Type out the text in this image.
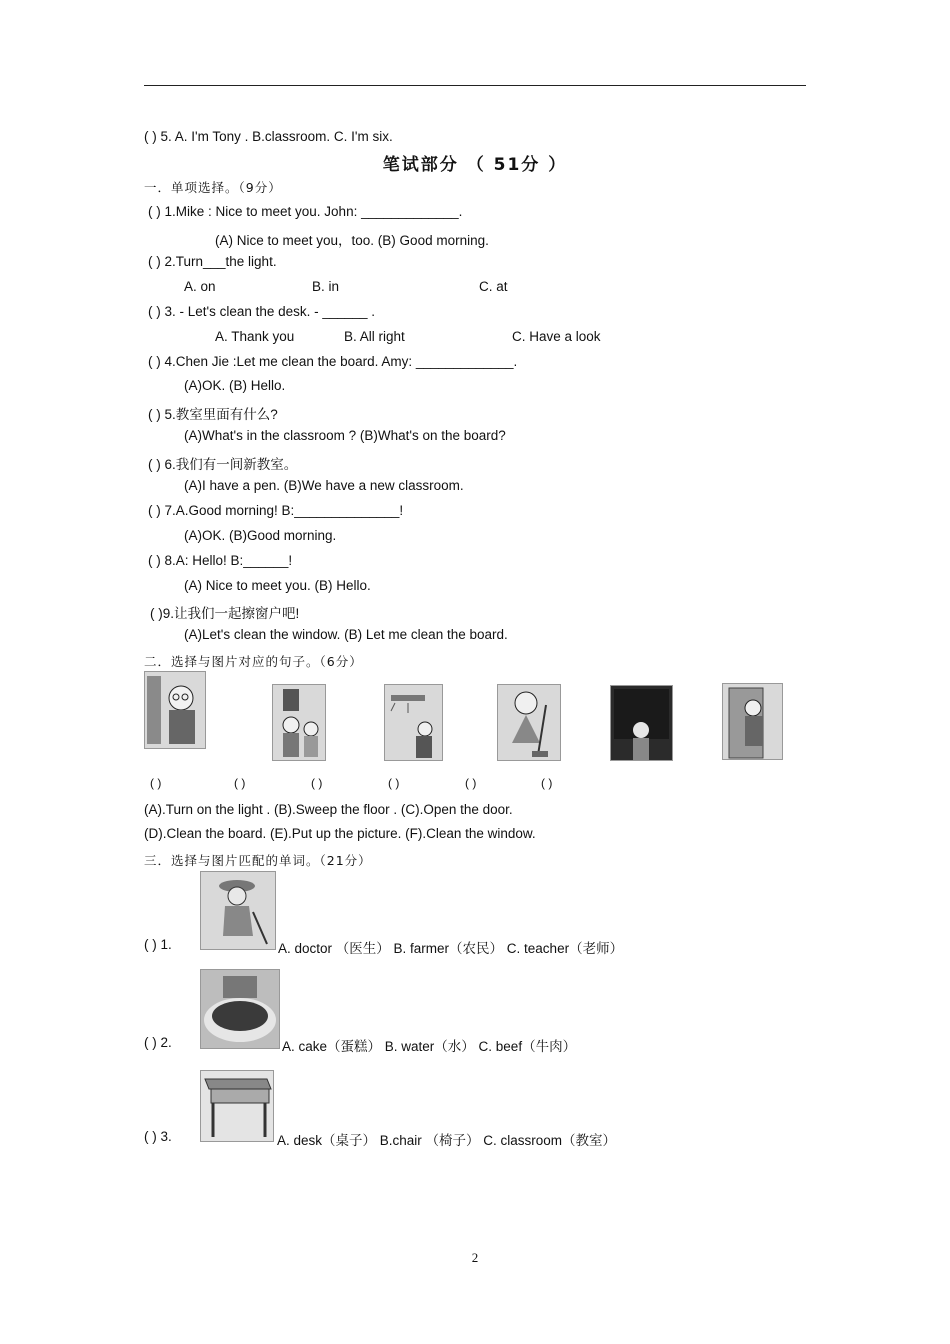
( ) 5. A. I'm Tony . B.classroom. C. I'm six.
笔试部分 （ 51分 ）
一．单项选择。（9分）
( ) 1.Mike : Nice to meet you. John: _____________.
(A) Nice to meet you，too. (B) Good morning.
( ) 2.Turn___the light.
A. on	B. in	C. at
( ) 3. - Let's clean the desk. - ______ .
A. Thank you	B. All right	C. Have a look
( ) 4.Chen Jie :Let me clean the board. Amy: _____________.
(A)OK. (B) Hello.
( ) 5.教室里面有什么?
(A)What's in the classroom ? (B)What's on the board?
( ) 6.我们有一间新教室。
(A)I have a pen. (B)We have a new classroom.
( ) 7.A.Good morning! B:______________!
(A)OK. (B)Good morning.
( ) 8.A: Hello! B:______!
(A) Nice to meet you. (B) Hello.
( )9.让我们一起擦窗户吧!
(A)Let's clean the window. (B) Let me clean the board.
二．选择与图片对应的句子。（6分）
( )	( )	( )	( )	( )	( )
(A).Turn on the light . (B).Sweep the floor . (C).Open the door.
(D).Clean the board. (E).Put up the picture. (F).Clean the window.
三．选择与图片匹配的单词。（21分）
( ) 1.	A. doctor （医生） B. farmer（农民） C. teacher（老师）
( ) 2.	A. cake（蛋糕） B. water（水） C. beef（牛肉）
( ) 3.	A. desk（桌子） B.chair （椅子） C. classroom（教室）
2
